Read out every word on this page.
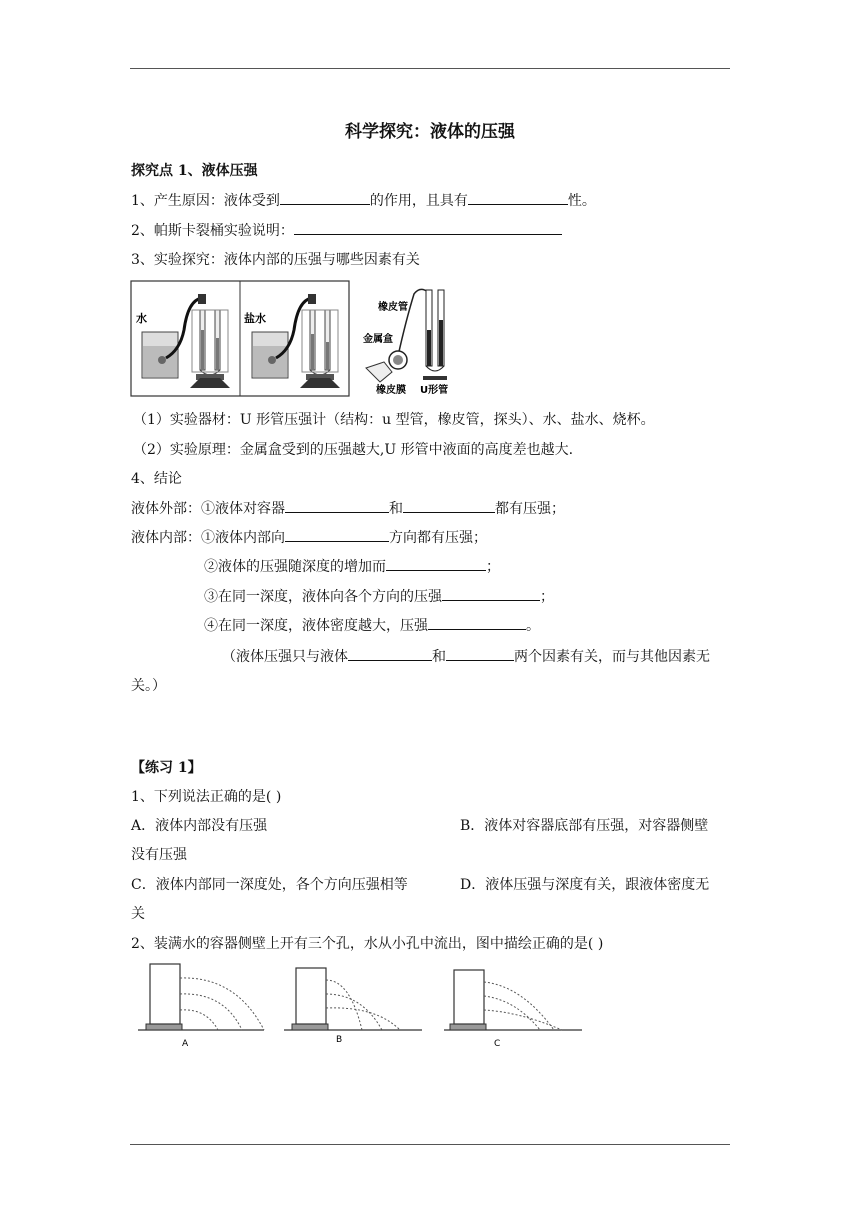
科学探究：液体的压强
探究点 1、液体压强
1、产生原因：液体受到	的作用，且具有	性。
2、帕斯卡裂桶实验说明：
3、实验探究：液体内部的压强与哪些因素有关
水	盐水
橡皮管
金属盒
橡皮膜 U形管
（1）实验器材：U 形管压强计（结构：u 型管，橡皮管，探头）、水、盐水、烧杯。
（2）实验原理：金属盒受到的压强越大,U 形管中液面的高度差也越大.
4、结论
液体外部：①液体对容器	和	都有压强；
液体内部：①液体内部向	方向都有压强；
②液体的压强随深度的增加而	；
③在同一深度，液体向各个方向的压强	；
④在同一深度，液体密度越大，压强	。
（液体压强只与液体	和	两个因素有关，而与其他因素无
关。）
【练习 1】
1、下列说法正确的是( )
A．液体内部没有压强	B．液体对容器底部有压强，对容器侧壁
没有压强
C．液体内部同一深度处，各个方向压强相等	D．液体压强与深度有关，跟液体密度无
关
2、装满水的容器侧壁上开有三个孔，水从小孔中流出，图中描绘正确的是( )
A	B	C
